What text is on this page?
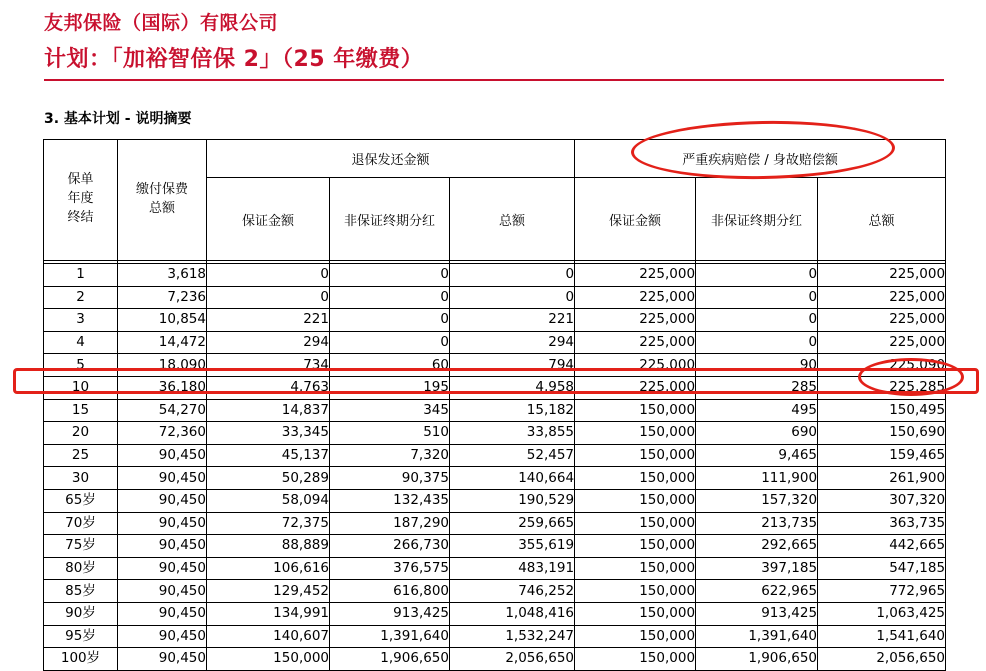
友邦保险（国际）有限公司
计划：「加裕智倍保 2」（25 年缴费）
3. 基本计划 - 说明摘要
保单
年度
终结	缴付保费
总额	退保发还金额			严重疾病赔偿 / 身故赔偿额		
		保证金额	非保证终期分红	总额	保证金额	非保证终期分红	总额

1	3,618	0	0	0	225,000	0	225,000
2	7,236	0	0	0	225,000	0	225,000
3	10,854	221	0	221	225,000	0	225,000
4	14,472	294	0	294	225,000	0	225,000
5	18,090	734	60	794	225,000	90	225,090
10	36,180	4,763	195	4,958	225,000	285	225,285
15	54,270	14,837	345	15,182	150,000	495	150,495
20	72,360	33,345	510	33,855	150,000	690	150,690
25	90,450	45,137	7,320	52,457	150,000	9,465	159,465
30	90,450	50,289	90,375	140,664	150,000	111,900	261,900
65岁	90,450	58,094	132,435	190,529	150,000	157,320	307,320
70岁	90,450	72,375	187,290	259,665	150,000	213,735	363,735
75岁	90,450	88,889	266,730	355,619	150,000	292,665	442,665
80岁	90,450	106,616	376,575	483,191	150,000	397,185	547,185
85岁	90,450	129,452	616,800	746,252	150,000	622,965	772,965
90岁	90,450	134,991	913,425	1,048,416	150,000	913,425	1,063,425
95岁	90,450	140,607	1,391,640	1,532,247	150,000	1,391,640	1,541,640
100岁	90,450	150,000	1,906,650	2,056,650	150,000	1,906,650	2,056,650
